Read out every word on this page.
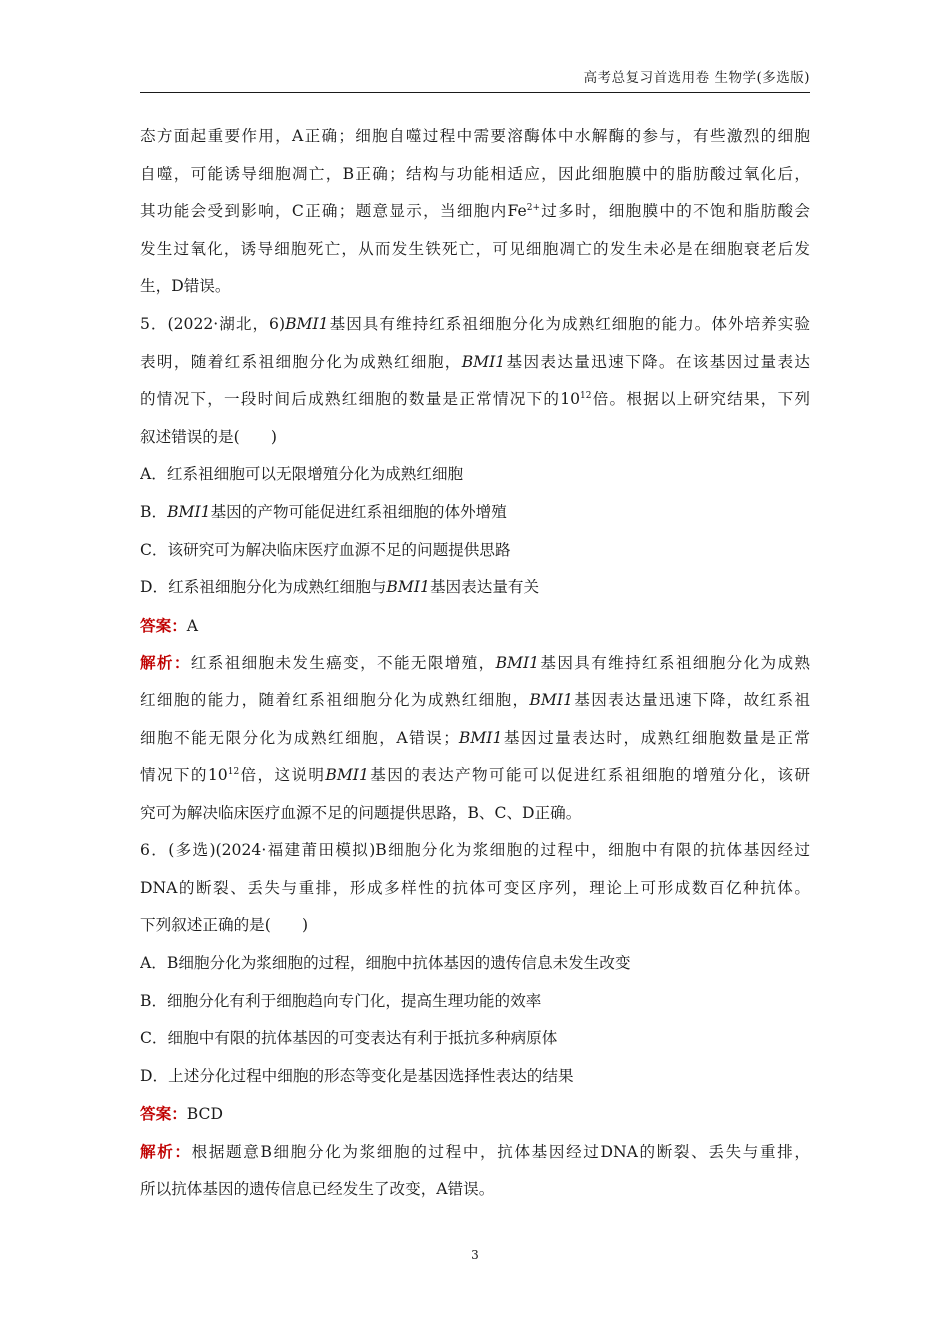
高考总复习首选用卷 生物学(多选版)
态方面起重要作用，A正确；细胞自噬过程中需要溶酶体中水解酶的参与，有些激烈的细胞
自噬，可能诱导细胞凋亡，B正确；结构与功能相适应，因此细胞膜中的脂肪酸过氧化后，
其功能会受到影响，C正确；题意显示，当细胞内$Fe^{2+}$过多时，细胞膜中的不饱和脂肪酸会
发生过氧化，诱导细胞死亡，从而发生铁死亡，可见细胞凋亡的发生未必是在细胞衰老后发
生，D错误。
5．(2022·湖北，6)BMI1基因具有维持红系祖细胞分化为成熟红细胞的能力。体外培养实验
表明，随着红系祖细胞分化为成熟红细胞，BMI1基因表达量迅速下降。在该基因过量表达
的情况下，一段时间后成熟红细胞的数量是正常情况下的$10^{12}$倍。根据以上研究结果，下列
叙述错误的是(　　)
A．红系祖细胞可以无限增殖分化为成熟红细胞
B．BMI1基因的产物可能促进红系祖细胞的体外增殖
C．该研究可为解决临床医疗血源不足的问题提供思路
D．红系祖细胞分化为成熟红细胞与BMI1基因表达量有关
答案：A
解析：红系祖细胞未发生癌变，不能无限增殖，BMI1基因具有维持红系祖细胞分化为成熟
红细胞的能力，随着红系祖细胞分化为成熟红细胞，BMI1基因表达量迅速下降，故红系祖
细胞不能无限分化为成熟红细胞，A错误；BMI1基因过量表达时，成熟红细胞数量是正常
情况下的$10^{12}$倍，这说明BMI1基因的表达产物可能可以促进红系祖细胞的增殖分化，该研
究可为解决临床医疗血源不足的问题提供思路，B、C、D正确。
6．(多选)(2024·福建莆田模拟)B细胞分化为浆细胞的过程中，细胞中有限的抗体基因经过
DNA的断裂、丢失与重排，形成多样性的抗体可变区序列，理论上可形成数百亿种抗体。
下列叙述正确的是(　　)
A．B细胞分化为浆细胞的过程，细胞中抗体基因的遗传信息未发生改变
B．细胞分化有利于细胞趋向专门化，提高生理功能的效率
C．细胞中有限的抗体基因的可变表达有利于抵抗多种病原体
D．上述分化过程中细胞的形态等变化是基因选择性表达的结果
答案：BCD
解析：根据题意B细胞分化为浆细胞的过程中，抗体基因经过DNA的断裂、丢失与重排，
所以抗体基因的遗传信息已经发生了改变，A错误。
3
